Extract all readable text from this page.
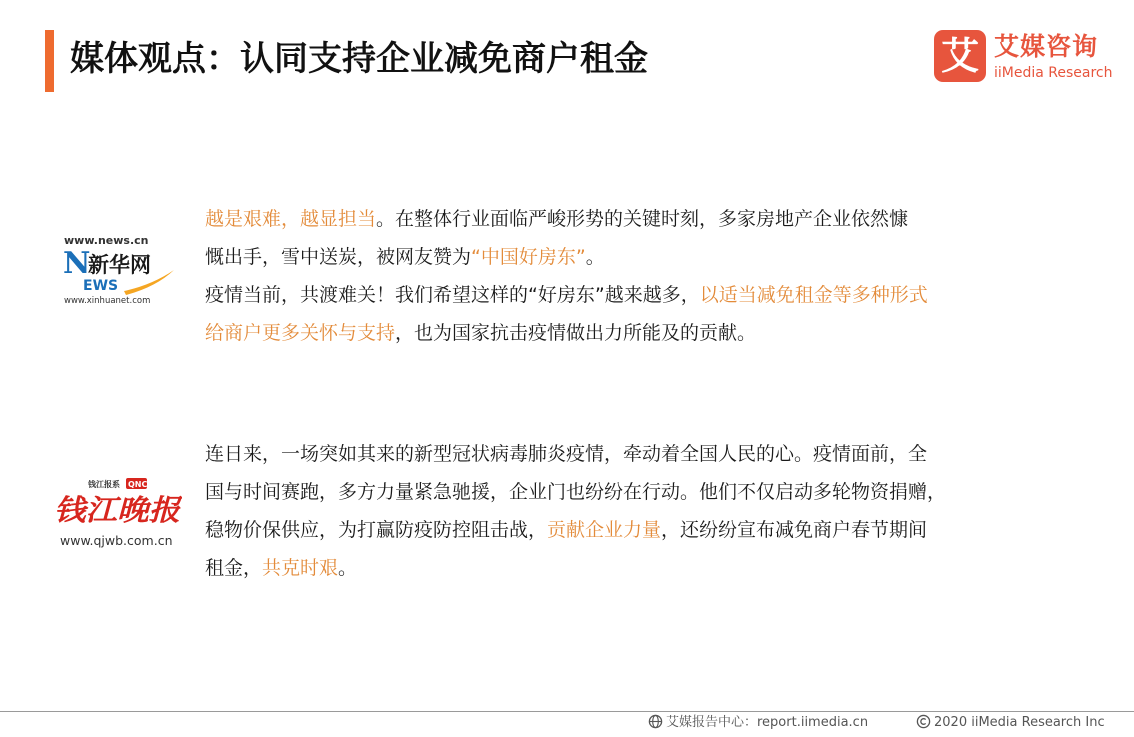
媒体观点：认同支持企业减免商户租金	艾 艾媒咨询
iiMedia Research
www.news.cn
N
新华网
EWS
www.xinhuanet.com

越是艰难，越显担当。在整体行业面临严峻形势的关键时刻，多家房地产企业依然慷

慨出手，雪中送炭，被网友赞为“中国好房东”。

疫情当前，共渡难关！我们希望这样的“好房东”越来越多，以适当减免租金等多种形式

给商户更多关怀与支持，也为国家抗击疫情做出力所能及的贡献。

钱江报系 QNC
钱江晚报
www.qjwb.com.cn

连日来，一场突如其来的新型冠状病毒肺炎疫情，牵动着全国人民的心。疫情面前，全

国与时间赛跑，多方力量紧急驰援，企业门也纷纷在行动。他们不仅启动多轮物资捐赠，

稳物价保供应，为打赢防疫防控阻击战，贡献企业力量，还纷纷宣布减免商户春节期间

租金，共克时艰。

艾媒报告中心：report.iimedia.cn	2020 iiMedia Research Inc
